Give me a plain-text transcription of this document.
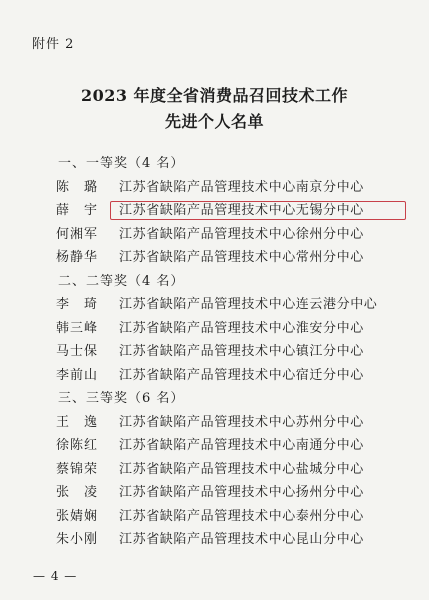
附件 2
2023 年度全省消费品召回技术工作
先进个人名单
一、一等奖（4 名）
陈　璐	江苏省缺陷产品管理技术中心南京分中心
薛　宇	江苏省缺陷产品管理技术中心无锡分中心
何湘军	江苏省缺陷产品管理技术中心徐州分中心
杨静华	江苏省缺陷产品管理技术中心常州分中心
二、二等奖（4 名）
李　琦	江苏省缺陷产品管理技术中心连云港分中心
韩三峰	江苏省缺陷产品管理技术中心淮安分中心
马士保	江苏省缺陷产品管理技术中心镇江分中心
李前山	江苏省缺陷产品管理技术中心宿迁分中心
三、三等奖（6 名）
王　逸	江苏省缺陷产品管理技术中心苏州分中心
徐陈红	江苏省缺陷产品管理技术中心南通分中心
蔡锦荣	江苏省缺陷产品管理技术中心盐城分中心
张　凌	江苏省缺陷产品管理技术中心扬州分中心
张婧娴	江苏省缺陷产品管理技术中心泰州分中心
朱小刚	江苏省缺陷产品管理技术中心昆山分中心
— 4 —
